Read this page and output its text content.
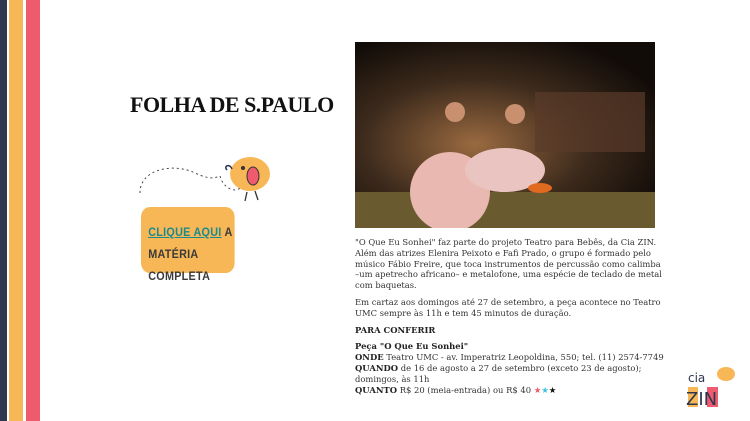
FOLHA DE S.PAULO
CLIQUE AQUI A
MATÉRIA COMPLETA

"O Que Eu Sonhei" faz parte do projeto Teatro para Bebês, da Cia ZIN. Além das atrizes Elenira Peixoto e Fafi Prado, o grupo é formado pelo músico Fábio Freire, que toca instrumentos de percussão como calimba –um apetrecho africano– e metalofone, uma espécie de teclado de metal com baquetas.

Em cartaz aos domingos até 27 de setembro, a peça acontece no Teatro UMC sempre às 11h e tem 45 minutos de duração.

PARA CONFERIR

Peça "O Que Eu Sonhei"
ONDE Teatro UMC - av. Imperatriz Leopoldina, 550; tel. (11) 2574-7749
QUANDO de 16 de agosto a 27 de setembro (exceto 23 de agosto); domingos, às 11h
QUANTO R$ 20 (meia-entrada) ou R$ 40 ★★★
cia
ZIN
